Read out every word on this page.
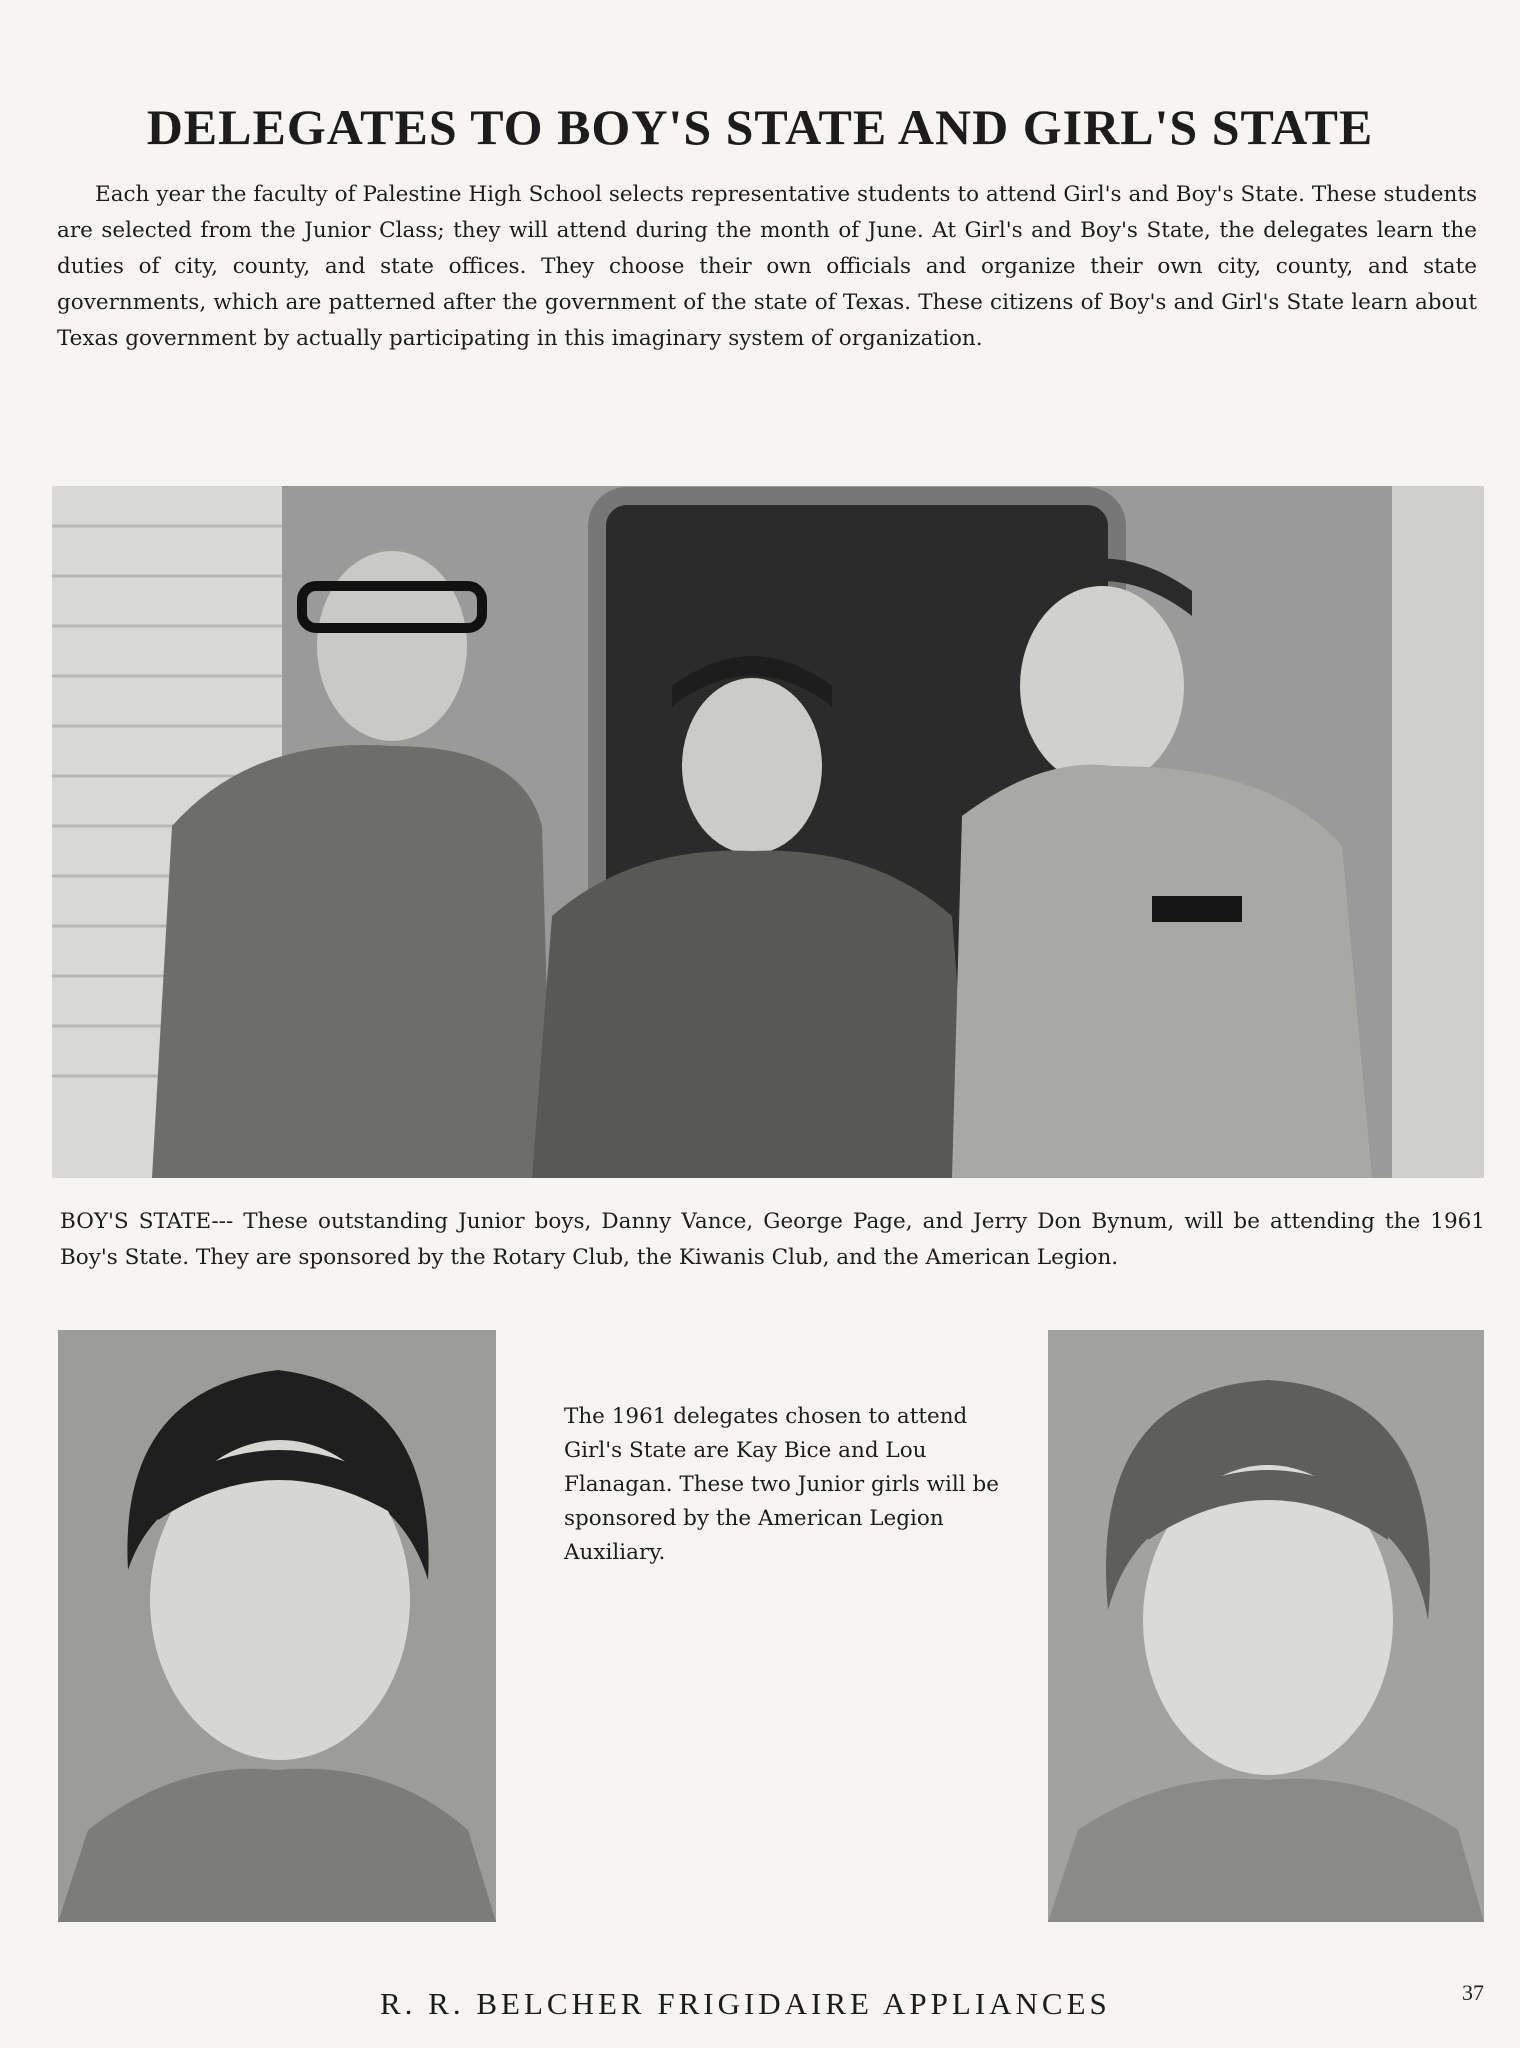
DELEGATES TO BOY'S STATE AND GIRL'S STATE

Each year the faculty of Palestine High School selects representative students to attend Girl's and Boy's State. These students are selected from the Junior Class; they will attend during the month of June. At Girl's and Boy's State, the delegates learn the duties of city, county, and state offices. They choose their own officials and organize their own city, county, and state governments, which are patterned after the government of the state of Texas. These citizens of Boy's and Girl's State learn about Texas government by actually participating in this imaginary system of organization.

BOY'S STATE--- These outstanding Junior boys, Danny Vance, George Page, and Jerry Don Bynum, will be attending the 1961 Boy's State. They are sponsored by the Rotary Club, the Kiwanis Club, and the American Legion.

The 1961 delegates chosen to attend Girl's State are Kay Bice and Lou Flanagan. These two Junior girls will be sponsored by the American Legion Auxiliary.

R. R. BELCHER FRIGIDAIRE APPLIANCES	37
